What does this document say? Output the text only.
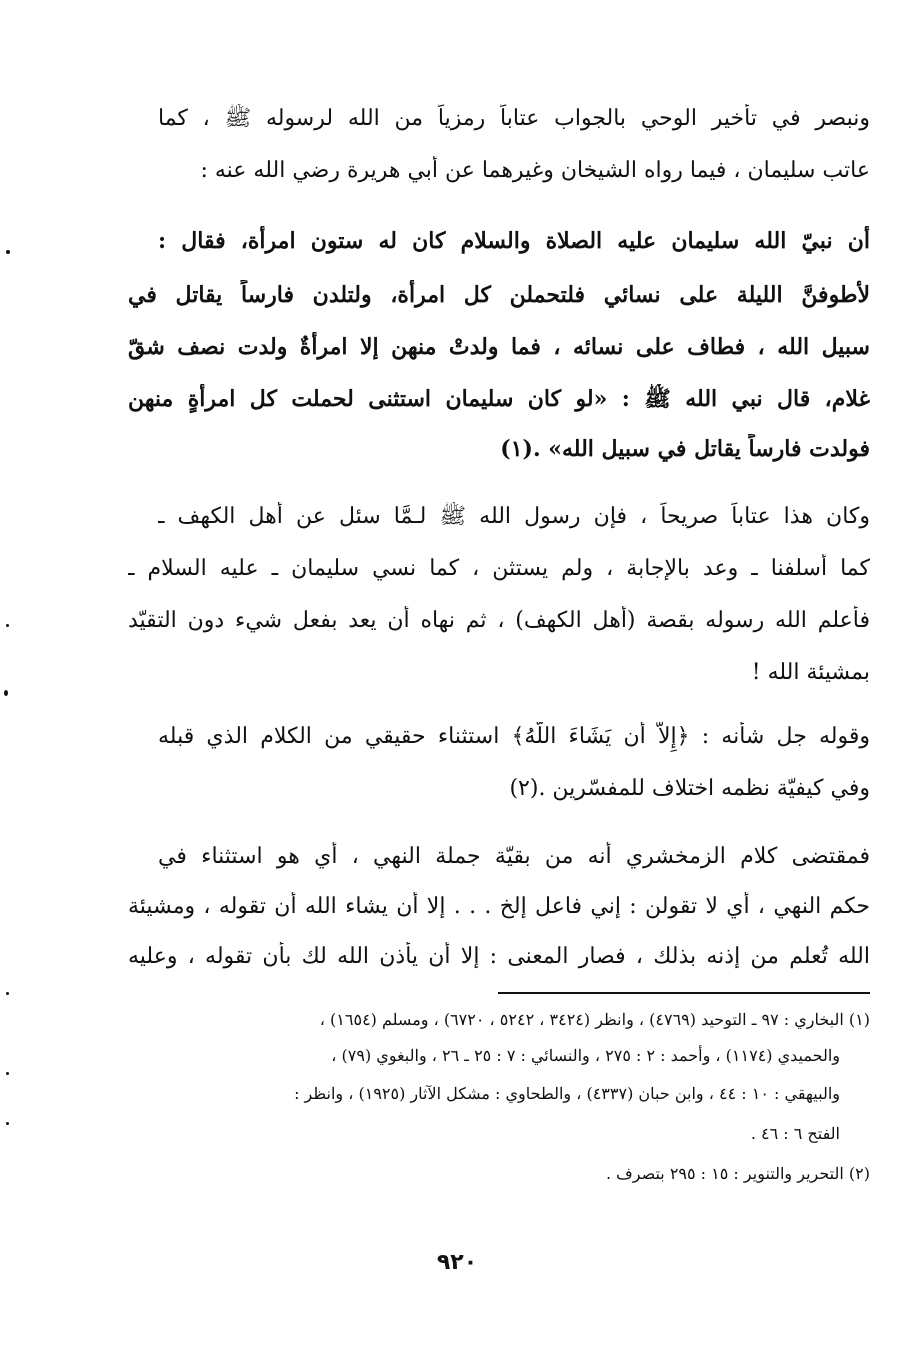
ونبصر في تأخير الوحي بالجواب عتاباً رمزياً من الله لرسوله ﷺ ، كما
عاتب سليمان ، فيما رواه الشيخان وغيرهما عن أبي هريرة رضي الله عنه :
أن نبيّ الله سليمان عليه الصلاة والسلام كان له ستون امرأة، فقال :
لأطوفنَّ الليلة على نسائي فلتحملن كل امرأة، ولتلدن فارساً يقاتل في
سبيل الله ، فطاف على نسائه ، فما ولدتْ منهن إلا امرأةٌ ولدت نصف شقّ
غلام، قال نبي الله ﷺ : «لو كان سليمان استثنى لحملت كل امرأةٍ منهن
فولدت فارساً يقاتل في سبيل الله» .(١)
وكان هذا عتاباً صريحاً ، فإن رسول الله ﷺ لـمَّا سئل عن أهل الكهف ـ
كما أسلفنا ـ وعد بالإجابة ، ولم يستثن ، كما نسي سليمان ـ عليه السلام ـ
فأعلم الله رسوله بقصة (أهل الكهف) ، ثم نهاه أن يعد بفعل شيء دون التقيّد
بمشيئة الله !
وقوله جل شأنه : ﴿إِلاَّ أَن يَشَاءَ اللَّهُ﴾ استثناء حقيقي من الكلام الذي قبله
وفي كيفيّة نظمه اختلاف للمفسّرين .(٢)
فمقتضى كلام الزمخشري أنه من بقيّة جملة النهي ، أي هو استثناء في
حكم النهي ، أي لا تقولن : إني فاعل إلخ . . . إلا أن يشاء الله أن تقوله ، ومشيئة
الله تُعلم من إذنه بذلك ، فصار المعنى : إلا أن يأذن الله لك بأن تقوله ، وعليه
(١) البخاري : ٩٧ ـ التوحيد (٤٧٦٩) ، وانظر (٣٤٢٤ ، ٥٢٤٢ ، ٦٧٢٠) ، ومسلم (١٦٥٤) ،
والحميدي (١١٧٤) ، وأحمد : ٢ : ٢٧٥ ، والنسائي : ٧ : ٢٥ ـ ٢٦ ، والبغوي (٧٩) ،
والبيهقي : ١٠ : ٤٤ ، وابن حبان (٤٣٣٧) ، والطحاوي : مشكل الآثار (١٩٢٥) ، وانظر :
الفتح ٦ : ٤٦ .
(٢) التحرير والتنوير : ١٥ : ٢٩٥ بتصرف .
٩٢٠
